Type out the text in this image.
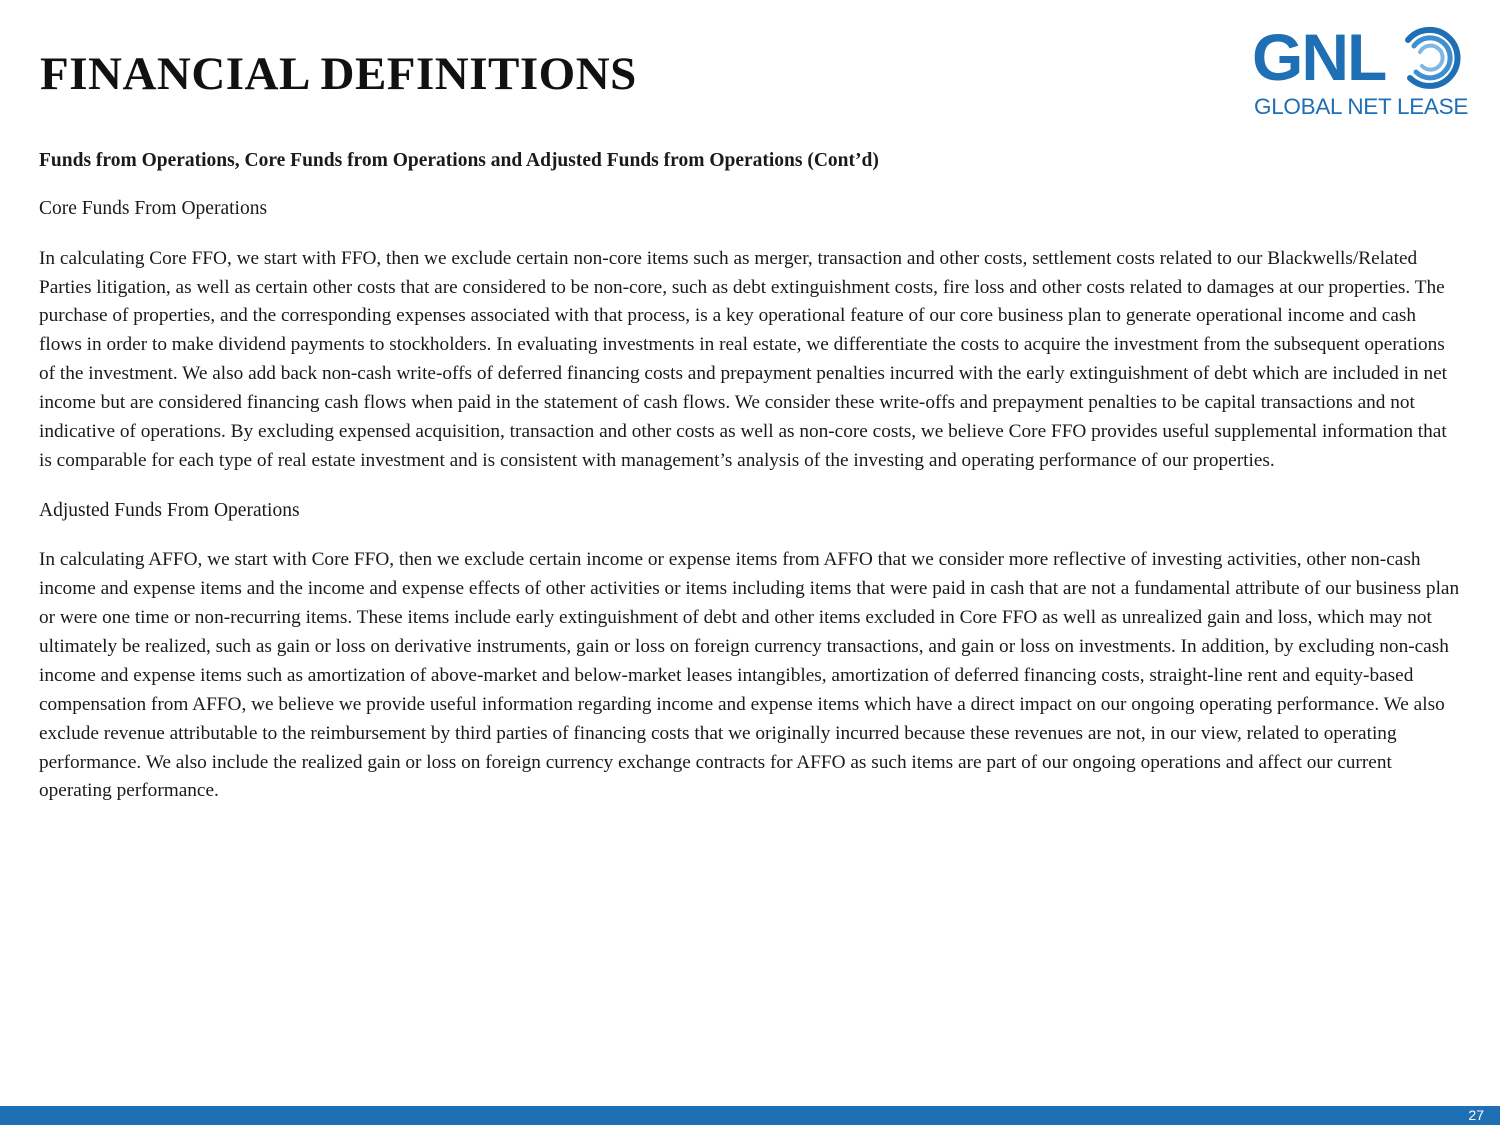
FINANCIAL DEFINITIONS	GNL
GLOBAL NET LEASE

Funds from Operations, Core Funds from Operations and Adjusted Funds from Operations (Cont’d)

Core Funds From Operations

In calculating Core FFO, we start with FFO, then we exclude certain non-core items such as merger, transaction and other costs, settlement costs related to our Blackwells/Related Parties litigation, as well as certain other costs that are considered to be non-core, such as debt extinguishment costs, fire loss and other costs related to damages at our properties. The purchase of properties, and the corresponding expenses associated with that process, is a key operational feature of our core business plan to generate operational income and cash flows in order to make dividend payments to stockholders. In evaluating investments in real estate, we differentiate the costs to acquire the investment from the subsequent operations of the investment. We also add back non-cash write-offs of deferred financing costs and prepayment penalties incurred with the early extinguishment of debt which are included in net income but are considered financing cash flows when paid in the statement of cash flows. We consider these write-offs and prepayment penalties to be capital transactions and not indicative of operations. By excluding expensed acquisition, transaction and other costs as well as non-core costs, we believe Core FFO provides useful supplemental information that is comparable for each type of real estate investment and is consistent with management’s analysis of the investing and operating performance of our properties.

Adjusted Funds From Operations

In calculating AFFO, we start with Core FFO, then we exclude certain income or expense items from AFFO that we consider more reflective of investing activities, other non-cash income and expense items and the income and expense effects of other activities or items including items that were paid in cash that are not a fundamental attribute of our business plan or were one time or non-recurring items. These items include early extinguishment of debt and other items excluded in Core FFO as well as unrealized gain and loss, which may not ultimately be realized, such as gain or loss on derivative instruments, gain or loss on foreign currency transactions, and gain or loss on investments. In addition, by excluding non-cash income and expense items such as amortization of above-market and below-market leases intangibles, amortization of deferred financing costs, straight-line rent and equity-based compensation from AFFO, we believe we provide useful information regarding income and expense items which have a direct impact on our ongoing operating performance. We also exclude revenue attributable to the reimbursement by third parties of financing costs that we originally incurred because these revenues are not, in our view, related to operating performance. We also include the realized gain or loss on foreign currency exchange contracts for AFFO as such items are part of our ongoing operations and affect our current operating performance.

27
